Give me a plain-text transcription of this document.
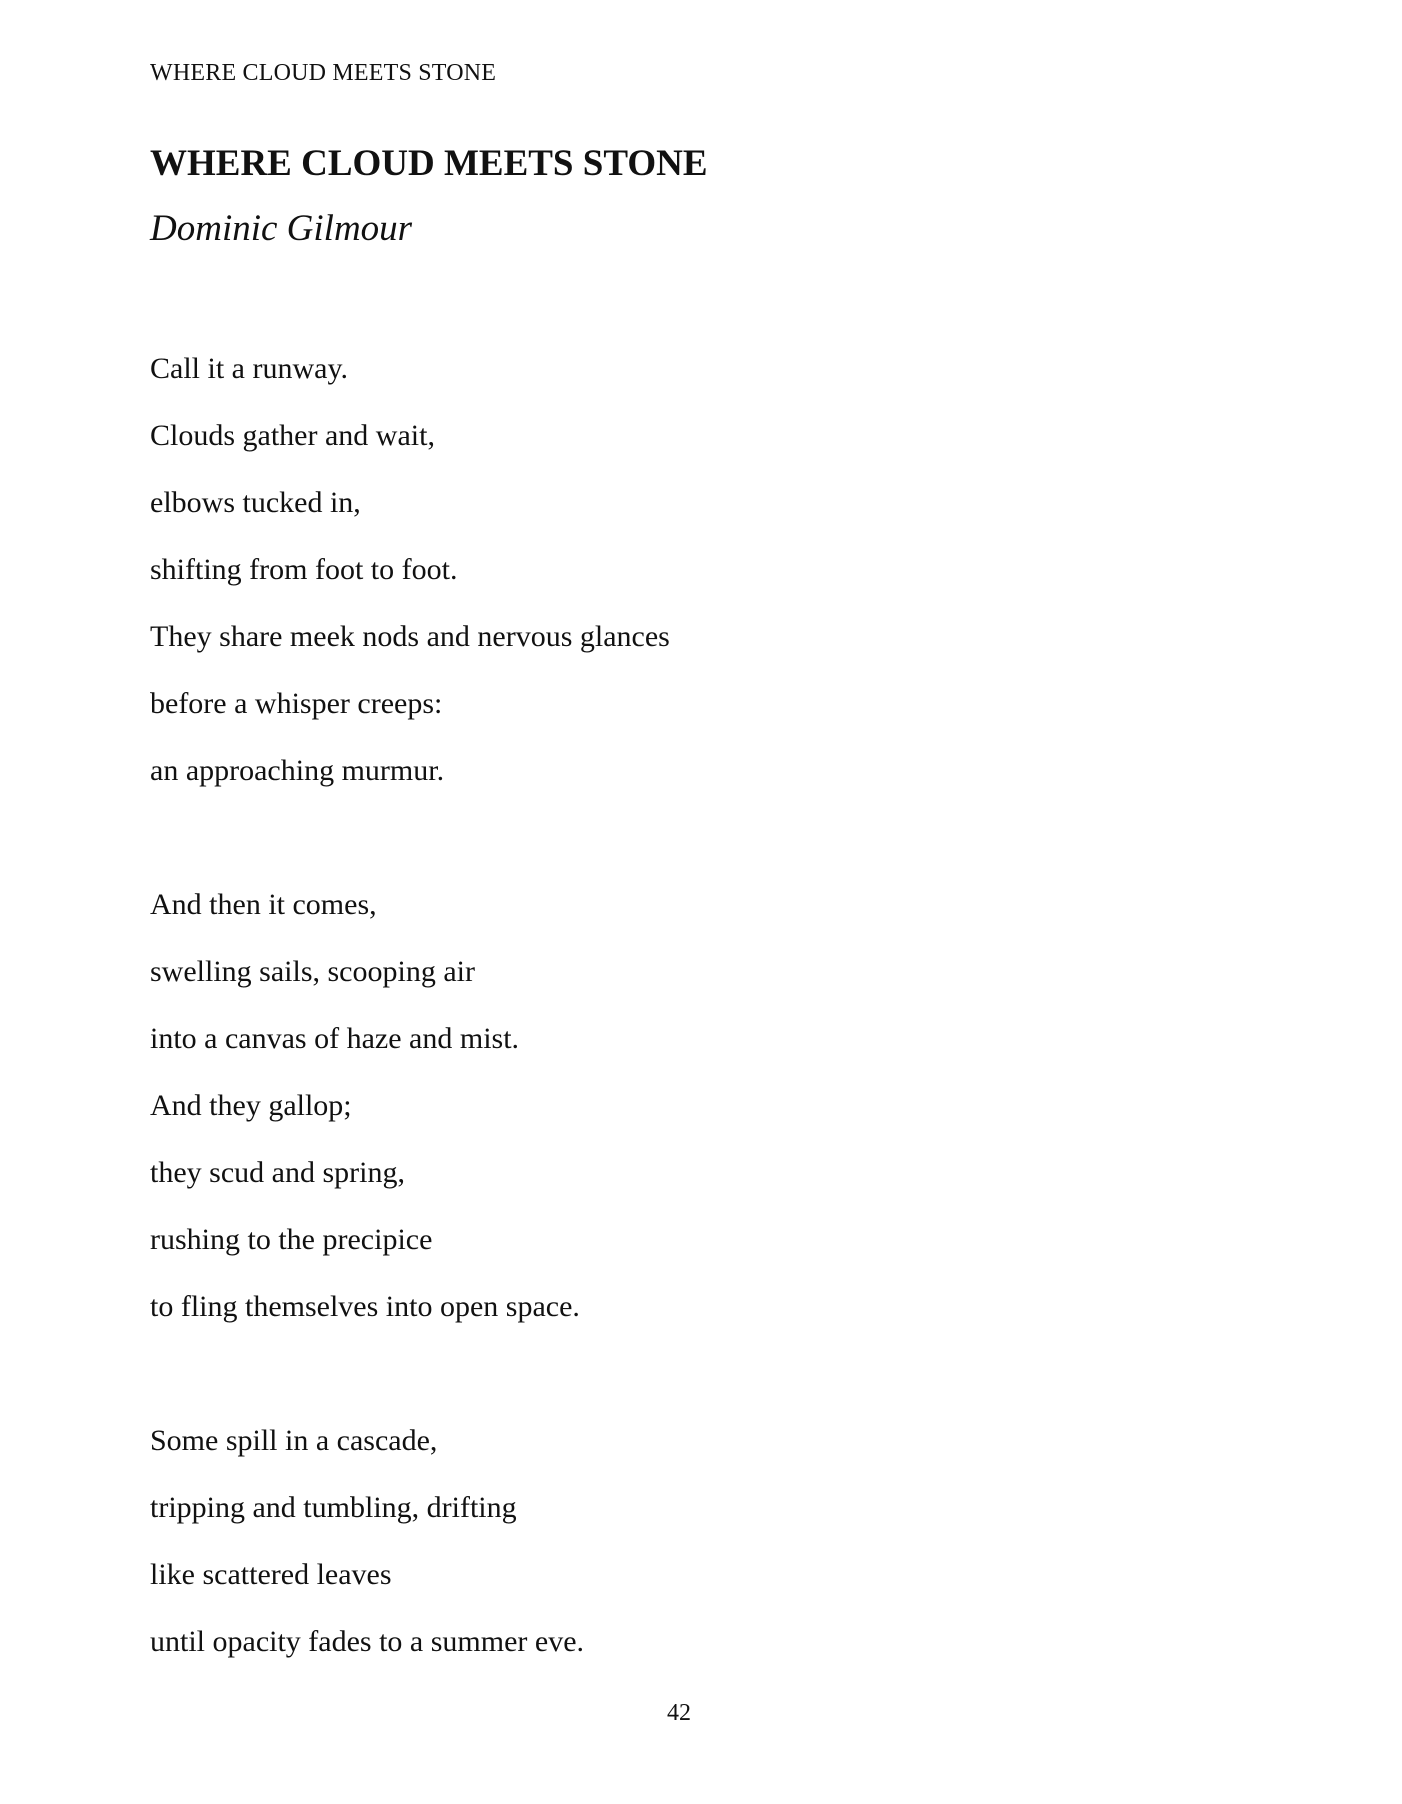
WHERE CLOUD MEETS STONE
WHERE CLOUD MEETS STONE
Dominic Gilmour
Call it a runway.
Clouds gather and wait,
elbows tucked in,
shifting from foot to foot.
They share meek nods and nervous glances
before a whisper creeps:
an approaching murmur.
And then it comes,
swelling sails, scooping air
into a canvas of haze and mist.
And they gallop;
they scud and spring,
rushing to the precipice
to fling themselves into open space.
Some spill in a cascade,
tripping and tumbling, drifting
like scattered leaves
until opacity fades to a summer eve.
42
